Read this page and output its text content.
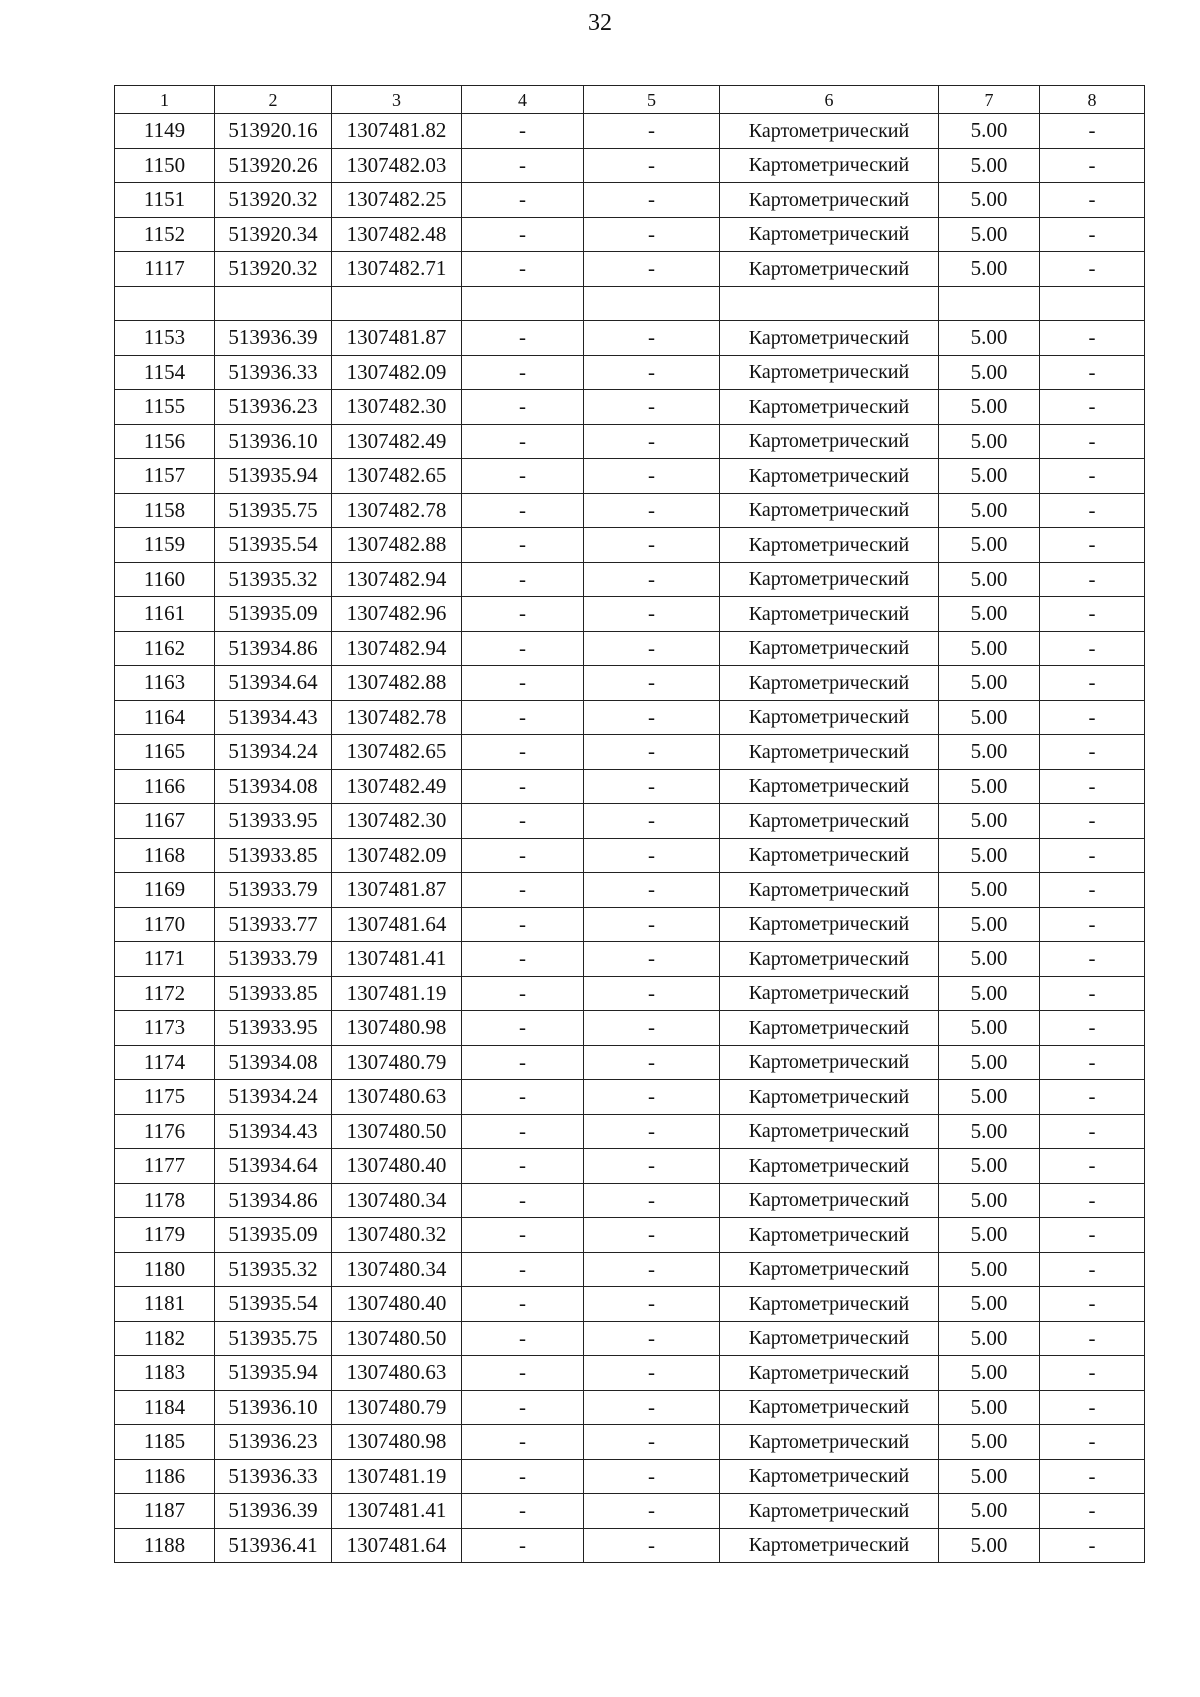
32
1	2	3	4	5	6	7	8
1149	513920.16	1307481.82	-	-	Картометрический	5.00	-
1150	513920.26	1307482.03	-	-	Картометрический	5.00	-
1151	513920.32	1307482.25	-	-	Картометрический	5.00	-
1152	513920.34	1307482.48	-	-	Картометрический	5.00	-
1117	513920.32	1307482.71	-	-	Картометрический	5.00	-

1153	513936.39	1307481.87	-	-	Картометрический	5.00	-
1154	513936.33	1307482.09	-	-	Картометрический	5.00	-
1155	513936.23	1307482.30	-	-	Картометрический	5.00	-
1156	513936.10	1307482.49	-	-	Картометрический	5.00	-
1157	513935.94	1307482.65	-	-	Картометрический	5.00	-
1158	513935.75	1307482.78	-	-	Картометрический	5.00	-
1159	513935.54	1307482.88	-	-	Картометрический	5.00	-
1160	513935.32	1307482.94	-	-	Картометрический	5.00	-
1161	513935.09	1307482.96	-	-	Картометрический	5.00	-
1162	513934.86	1307482.94	-	-	Картометрический	5.00	-
1163	513934.64	1307482.88	-	-	Картометрический	5.00	-
1164	513934.43	1307482.78	-	-	Картометрический	5.00	-
1165	513934.24	1307482.65	-	-	Картометрический	5.00	-
1166	513934.08	1307482.49	-	-	Картометрический	5.00	-
1167	513933.95	1307482.30	-	-	Картометрический	5.00	-
1168	513933.85	1307482.09	-	-	Картометрический	5.00	-
1169	513933.79	1307481.87	-	-	Картометрический	5.00	-
1170	513933.77	1307481.64	-	-	Картометрический	5.00	-
1171	513933.79	1307481.41	-	-	Картометрический	5.00	-
1172	513933.85	1307481.19	-	-	Картометрический	5.00	-
1173	513933.95	1307480.98	-	-	Картометрический	5.00	-
1174	513934.08	1307480.79	-	-	Картометрический	5.00	-
1175	513934.24	1307480.63	-	-	Картометрический	5.00	-
1176	513934.43	1307480.50	-	-	Картометрический	5.00	-
1177	513934.64	1307480.40	-	-	Картометрический	5.00	-
1178	513934.86	1307480.34	-	-	Картометрический	5.00	-
1179	513935.09	1307480.32	-	-	Картометрический	5.00	-
1180	513935.32	1307480.34	-	-	Картометрический	5.00	-
1181	513935.54	1307480.40	-	-	Картометрический	5.00	-
1182	513935.75	1307480.50	-	-	Картометрический	5.00	-
1183	513935.94	1307480.63	-	-	Картометрический	5.00	-
1184	513936.10	1307480.79	-	-	Картометрический	5.00	-
1185	513936.23	1307480.98	-	-	Картометрический	5.00	-
1186	513936.33	1307481.19	-	-	Картометрический	5.00	-
1187	513936.39	1307481.41	-	-	Картометрический	5.00	-
1188	513936.41	1307481.64	-	-	Картометрический	5.00	-
